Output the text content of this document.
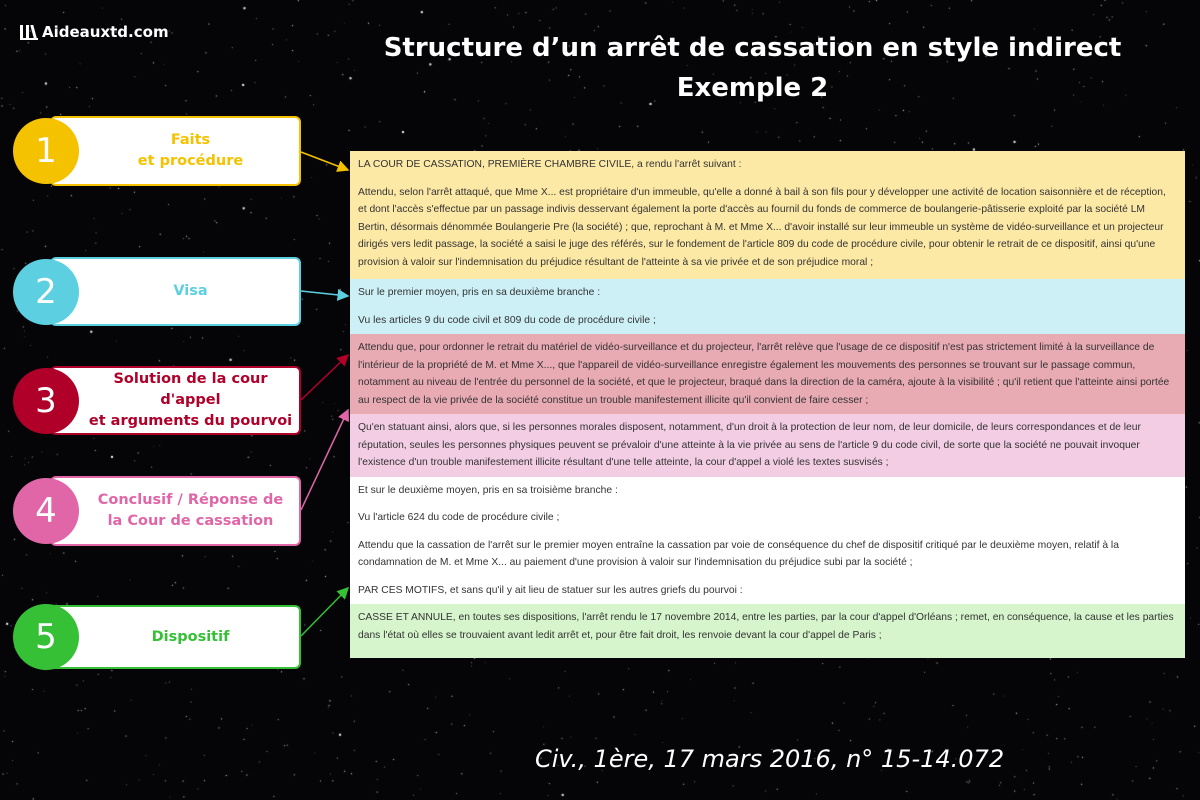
Aideauxtd.com
Structure d’un arrêt de cassation en style indirect
Exemple 2
Faits
et procédure
1
Visa
2
Solution de la cour d'appel
et arguments du pourvoi
3
Conclusif / Réponse de
la Cour de cassation
4
Dispositif
5

LA COUR DE CASSATION, PREMIÈRE CHAMBRE CIVILE, a rendu l'arrêt suivant :

Attendu, selon l'arrêt attaqué, que Mme X... est propriétaire d'un immeuble, qu'elle a donné à bail à son fils pour y développer une activité de location saisonnière et de réception, et dont l'accès s'effectue par un passage indivis desservant également la porte d'accès au fournil du fonds de commerce de boulangerie-pâtisserie exploité par la société LM Bertin, désormais dénommée Boulangerie Pre (la société) ; que, reprochant à M. et Mme X... d'avoir installé sur leur immeuble un système de vidéo-surveillance et un projecteur dirigés vers ledit passage, la société a saisi le juge des référés, sur le fondement de l'article 809 du code de procédure civile, pour obtenir le retrait de ce dispositif, ainsi qu'une provision à valoir sur l'indemnisation du préjudice résultant de l'atteinte à sa vie privée et de son préjudice moral ;

Sur le premier moyen, pris en sa deuxième branche :

Vu les articles 9 du code civil et 809 du code de procédure civile ;

Attendu que, pour ordonner le retrait du matériel de vidéo-surveillance et du projecteur, l'arrêt relève que l'usage de ce dispositif n'est pas strictement limité à la surveillance de l'intérieur de la propriété de M. et Mme X..., que l'appareil de vidéo-surveillance enregistre également les mouvements des personnes se trouvant sur le passage commun, notamment au niveau de l'entrée du personnel de la société, et que le projecteur, braqué dans la direction de la caméra, ajoute à la visibilité ; qu'il retient que l'atteinte ainsi portée au respect de la vie privée de la société constitue un trouble manifestement illicite qu'il convient de faire cesser ;

Qu'en statuant ainsi, alors que, si les personnes morales disposent, notamment, d'un droit à la protection de leur nom, de leur domicile, de leurs correspondances et de leur réputation, seules les personnes physiques peuvent se prévaloir d'une atteinte à la vie privée au sens de l'article 9 du code civil, de sorte que la société ne pouvait invoquer l'existence d'un trouble manifestement illicite résultant d'une telle atteinte, la cour d'appel a violé les textes susvisés ;

Et sur le deuxième moyen, pris en sa troisième branche :

Vu l'article 624 du code de procédure civile ;

Attendu que la cassation de l'arrêt sur le premier moyen entraîne la cassation par voie de conséquence du chef de dispositif critiqué par le deuxième moyen, relatif à la condamnation de M. et Mme X... au paiement d'une provision à valoir sur l'indemnisation du préjudice subi par la société ;

PAR CES MOTIFS, et sans qu'il y ait lieu de statuer sur les autres griefs du pourvoi :

CASSE ET ANNULE, en toutes ses dispositions, l'arrêt rendu le 17 novembre 2014, entre les parties, par la cour d'appel d'Orléans ; remet, en conséquence, la cause et les parties dans l'état où elles se trouvaient avant ledit arrêt et, pour être fait droit, les renvoie devant la cour d'appel de Paris ;

Civ., 1ère, 17 mars 2016, n° 15-14.072
